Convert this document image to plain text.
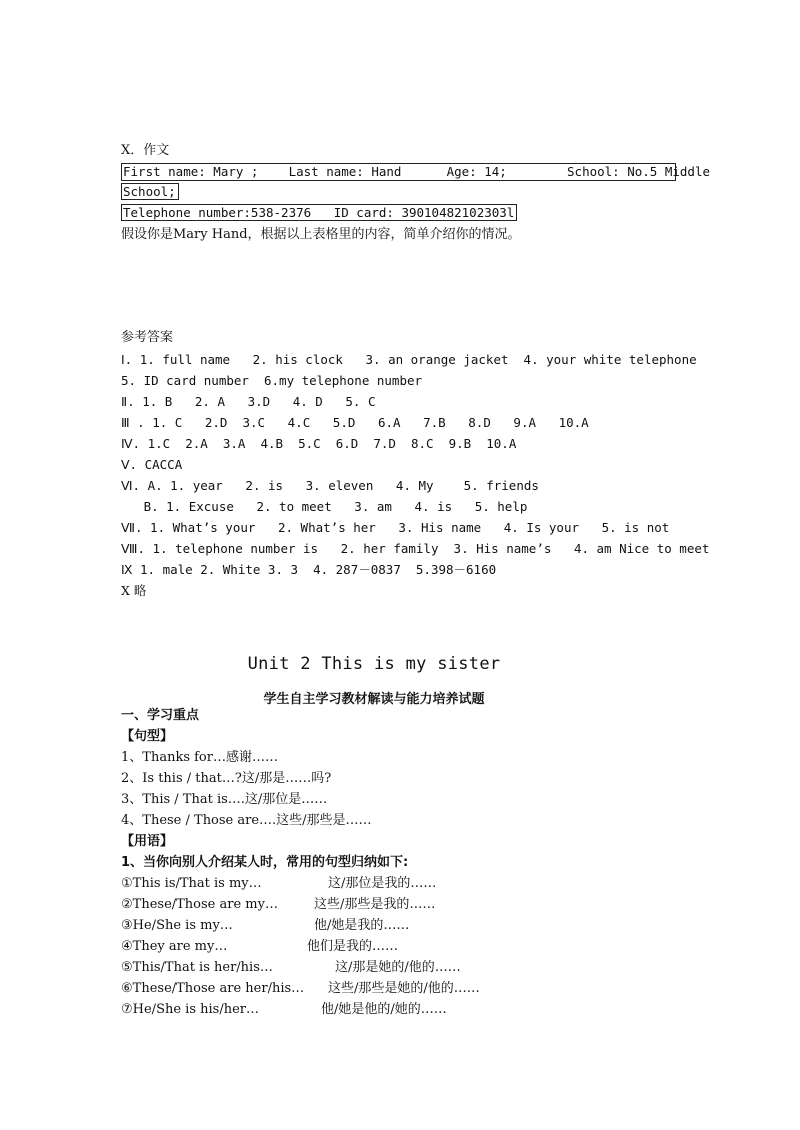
Ⅹ．作文
First name: Mary ;    Last name: Hand      Age: 14;        School: No.5 Middle
School;
Telephone number:538-2376   ID card: 39010482102303l
假设你是Mary Hand，根据以上表格里的内容，简单介绍你的情况。
参考答案
Ⅰ. 1. full name   2. his clock   3. an orange jacket  4. your white telephone
5. ID card number  6.my telephone number
Ⅱ. 1. B   2. A   3.D   4. D   5. C
Ⅲ . 1. C   2.D  3.C   4.C   5.D   6.A   7.B   8.D   9.A   10.A
Ⅳ. 1.C  2.A  3.A  4.B  5.C  6.D  7.D  8.C  9.B  10.A
Ⅴ. CACCA
Ⅵ. A. 1. year   2. is   3. eleven   4. My    5. friends
B. 1. Excuse   2. to meet   3. am   4. is   5. help
Ⅶ. 1. What’s your   2. What’s her   3. His name   4. Is your   5. is not
Ⅷ. 1. telephone number is   2. her family  3. His name’s   4. am Nice to meet
Ⅸ 1. male 2. White 3. 3  4. 287－0837  5.398－6160
Ⅹ 略
Unit 2 This is my sister
学生自主学习教材解读与能力培养试题
一、学习重点
【句型】
1、Thanks for…感谢……
2、Is this / that…?这/那是……吗?
3、This / That is….这/那位是……
4、These / Those are….这些/那些是……
【用语】
1、当你向别人介绍某人时，常用的句型归纳如下:
①This is/That is my…	这/那位是我的……
②These/Those are my…	这些/那些是我的……
③He/She is my…	他/她是我的……
④They are my…	他们是我的……
⑤This/That is her/his…	这/那是她的/他的……
⑥These/Those are her/his… 这些/那些是她的/他的……
⑦He/She is his/her…	他/她是他的/她的……
